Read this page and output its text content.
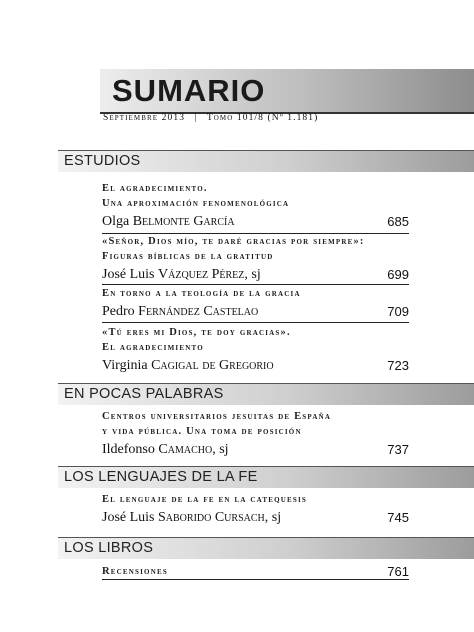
SUMARIO
Septiembre 2013 | Tomo 101/8 (Nº 1.181)
ESTUDIOS
El agradecimiento.
Una aproximación fenomenológica
Olga Belmonte García	685
«Señor, Dios mío, te daré gracias por siempre»:
Figuras bíblicas de la gratitud
José Luis Vázquez Pérez, sj	699
En torno a la teología de la gracia
Pedro Fernández Castelao	709
«Tú eres mi Dios, te doy gracias».
El agradecimiento
Virginia Cagigal de Gregorio	723
EN POCAS PALABRAS
Centros universitarios jesuitas de España
y vida pública. Una toma de posición
Ildefonso Camacho, sj	737
LOS LENGUAJES DE LA FE
El lenguaje de la fe en la catequesis
José Luis Saborido Cursach, sj	745
LOS LIBROS
Recensiones	761
